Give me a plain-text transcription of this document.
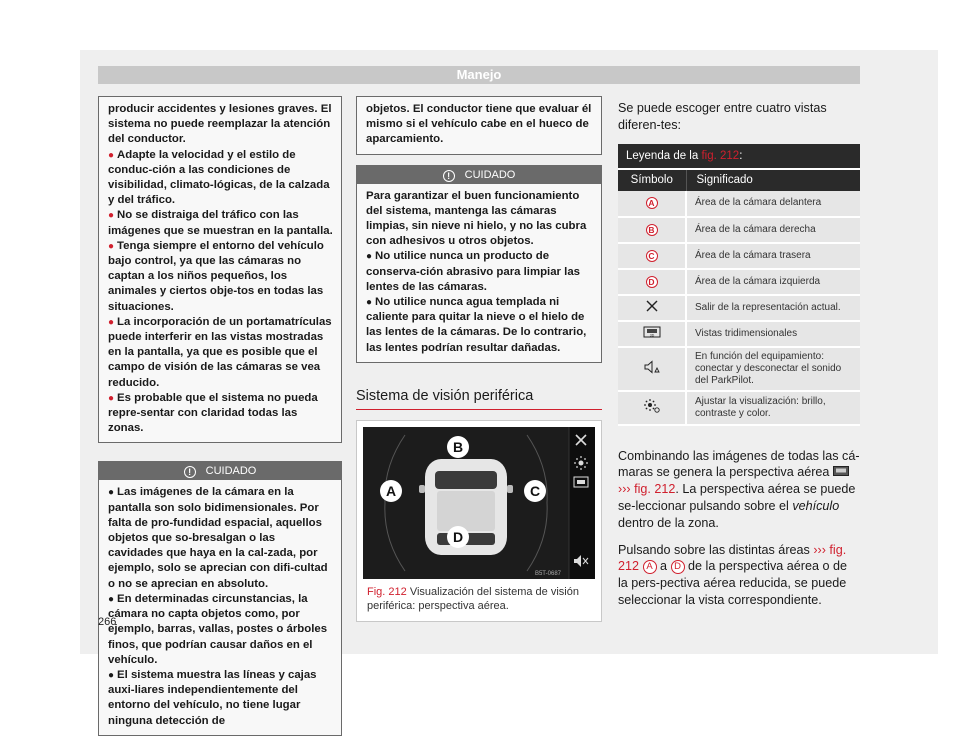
Manejo

producir accidentes y lesiones graves. El sistema no puede reemplazar la atención del conductor.

● Adapte la velocidad y el estilo de conduc-ción a las condiciones de visibilidad, climato-lógicas, de la calzada y del tráfico.

● No se distraiga del tráfico con las imágenes que se muestran en la pantalla.

● Tenga siempre el entorno del vehículo bajo control, ya que las cámaras no captan a los niños pequeños, los animales y ciertos obje-tos en todas las situaciones.

● La incorporación de un portamatrículas puede interferir en las vistas mostradas en la pantalla, ya que es posible que el campo de visión de las cámaras se vea reducido.

● Es probable que el sistema no pueda repre-sentar con claridad todas las zonas.

! CUIDADO

● Las imágenes de la cámara en la pantalla son solo bidimensionales. Por falta de pro-fundidad espacial, aquellos objetos que so-bresalgan o las cavidades que haya en la cal-zada, por ejemplo, solo se aprecian con difi-cultad o no se aprecian en absoluto.

● En determinadas circunstancias, la cámara no capta objetos como, por ejemplo, barras, vallas, postes o árboles finos, que podrían causar daños en el vehículo.

● El sistema muestra las líneas y cajas auxi-liares independientemente del entorno del vehículo, no tiene lugar ninguna detección de

objetos. El conductor tiene que evaluar él mismo si el vehículo cabe en el hueco de aparcamiento.

! CUIDADO

Para garantizar el buen funcionamiento del sistema, mantenga las cámaras limpias, sin nieve ni hielo, y no las cubra con adhesivos u otros objetos.

● No utilice nunca un producto de conserva-ción abrasivo para limpiar las lentes de las cámaras.

● No utilice nunca agua templada ni caliente para quitar la nieve o el hielo de las lentes de la cámaras. De lo contrario, las lentes podrían resultar dañadas.

Sistema de visión periférica
B
A	C
D
B5T-0687
Fig. 212 Visualización del sistema de visión periférica: perspectiva aérea.

Se puede escoger entre cuatro vistas diferen-tes:

Leyenda de la fig. 212:	
Símbolo	Significado
A	Área de la cámara delantera
B	Área de la cámara derecha
C	Área de la cámara trasera
D	Área de la cámara izquierda
	Salir de la representación actual.

3D	Vistas tridimensionales
	En función del equipamiento: conectar y desconectar el sonido del ParkPilot.
	Ajustar la visualización: brillo, contraste y color.

Combinando las imágenes de todas las cá-maras se genera la perspectiva aérea  ››› fig. 212. La perspectiva aérea se puede se-leccionar pulsando sobre el vehículo dentro de la zona.

Pulsando sobre las distintas áreas ››› fig. 212 A a D de la perspectiva aérea o de la pers-pectiva aérea reducida, se puede seleccionar la vista correspondiente.

266
